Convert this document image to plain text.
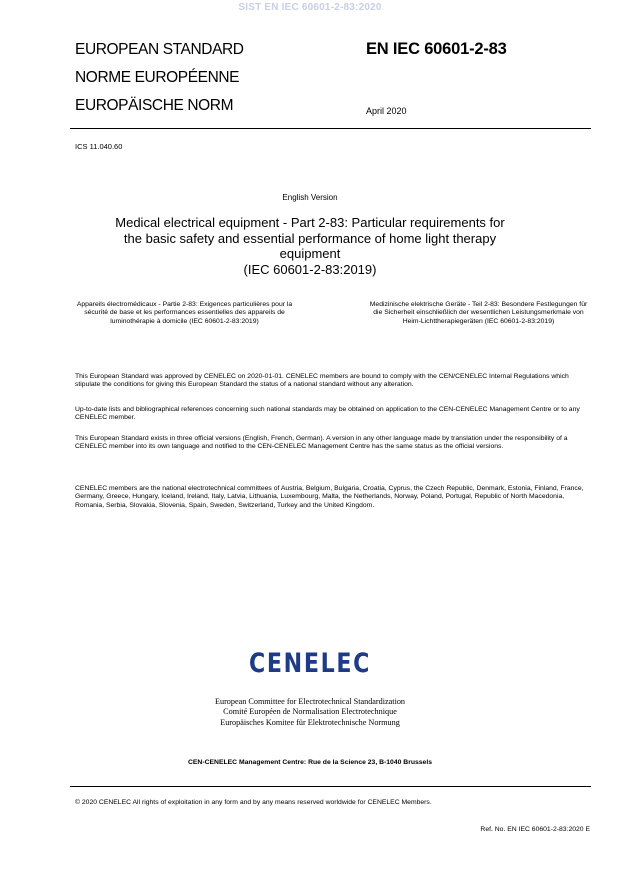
SIST EN IEC 60601-2-83:2020
EUROPEAN STANDARD
NORME EUROPÉENNE
EUROPÄISCHE NORM
EN IEC 60601-2-83
April 2020
ICS 11.040.60
English Version
Medical electrical equipment - Part 2-83: Particular requirements for the basic safety and essential performance of home light therapy equipment
(IEC 60601-2-83:2019)
Appareils électromédicaux - Partie 2-83: Exigences particulières pour la sécurité de base et les performances essentielles des appareils de luminothérapie à domicile (IEC 60601-2-83:2019)
Medizinische elektrische Geräte - Teil 2-83: Besondere Festlegungen für die Sicherheit einschließlich der wesentlichen Leistungsmerkmale von Heim-Lichttherapiegeräten (IEC 60601-2-83:2019)
This European Standard was approved by CENELEC on 2020-01-01. CENELEC members are bound to comply with the CEN/CENELEC Internal Regulations which stipulate the conditions for giving this European Standard the status of a national standard without any alteration.
Up-to-date lists and bibliographical references concerning such national standards may be obtained on application to the CEN-CENELEC Management Centre or to any CENELEC member.
This European Standard exists in three official versions (English, French, German). A version in any other language made by translation under the responsibility of a CENELEC member into its own language and notified to the CEN-CENELEC Management Centre has the same status as the official versions.
CENELEC members are the national electrotechnical committees of Austria, Belgium, Bulgaria, Croatia, Cyprus, the Czech Republic, Denmark, Estonia, Finland, France, Germany, Greece, Hungary, Iceland, Ireland, Italy, Latvia, Lithuania, Luxembourg, Malta, the Netherlands, Norway, Poland, Portugal, Republic of North Macedonia, Romania, Serbia, Slovakia, Slovenia, Spain, Sweden, Switzerland, Turkey and the United Kingdom.
CENELEC
European Committee for Electrotechnical Standardization
Comité Européen de Normalisation Electrotechnique
Europäisches Komitee für Elektrotechnische Normung
CEN-CENELEC Management Centre: Rue de la Science 23, B-1040 Brussels
© 2020 CENELEC All rights of exploitation in any form and by any means reserved worldwide for CENELEC Members.
Ref. No. EN IEC 60601-2-83:2020 E
